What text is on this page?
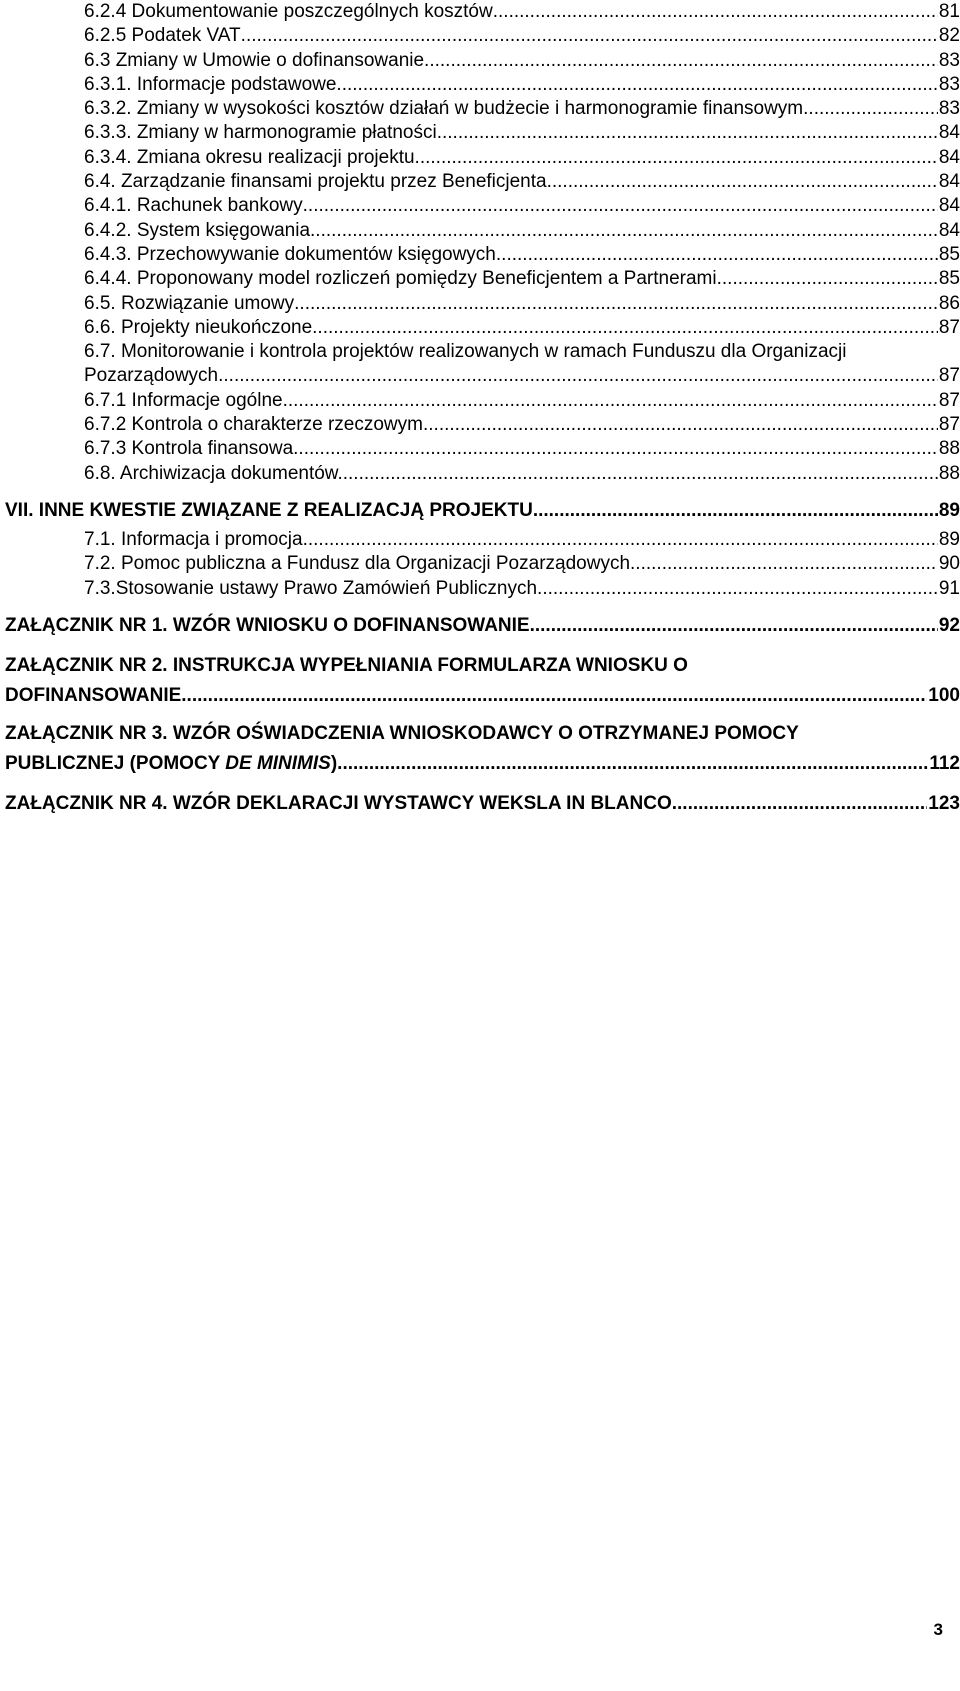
6.2.4 Dokumentowanie poszczególnych kosztów .....	81
6.2.5 Podatek VAT .....	82
6.3 Zmiany w Umowie o dofinansowanie. .....	83
6.3.1. Informacje podstawowe. .....	83
6.3.2. Zmiany w wysokości kosztów działań w budżecie i harmonogramie finansowym .....	83
6.3.3. Zmiany w harmonogramie płatności .....	84
6.3.4. Zmiana okresu realizacji projektu .....	84
6.4. Zarządzanie finansami projektu przez Beneficjenta .....	84
6.4.1. Rachunek bankowy .....	84
6.4.2. System księgowania .....	84
6.4.3. Przechowywanie dokumentów księgowych .....	85
6.4.4. Proponowany model rozliczeń pomiędzy Beneficjentem a Partnerami .....	85
6.5. Rozwiązanie umowy .....	86
6.6. Projekty nieukończone .....	87
6.7. Monitorowanie i kontrola projektów realizowanych w ramach Funduszu dla Organizacji
Pozarządowych .....	87
6.7.1 Informacje ogólne. .....	87
6.7.2 Kontrola o charakterze rzeczowym .....	87
6.7.3 Kontrola finansowa .....	88
6.8. Archiwizacja dokumentów. .....	88
VII. INNE KWESTIE ZWIĄZANE Z REALIZACJĄ PROJEKTU .....	89
7.1. Informacja i promocja. .....	89
7.2. Pomoc publiczna a Fundusz dla Organizacji Pozarządowych. .....	90
7.3.Stosowanie ustawy Prawo Zamówień Publicznych. .....	91
ZAŁĄCZNIK NR 1. WZÓR WNIOSKU O DOFINANSOWANIE .....	92
ZAŁĄCZNIK NR 2. INSTRUKCJA WYPEŁNIANIA FORMULARZA WNIOSKU O
DOFINANSOWANIE .....	100
ZAŁĄCZNIK NR 3. WZÓR OŚWIADCZENIA WNIOSKODAWCY O OTRZYMANEJ POMOCY
PUBLICZNEJ (POMOCY DE MINIMIS) .....	112
ZAŁĄCZNIK NR 4. WZÓR DEKLARACJI WYSTAWCY WEKSLA IN BLANCO .....	123
3
